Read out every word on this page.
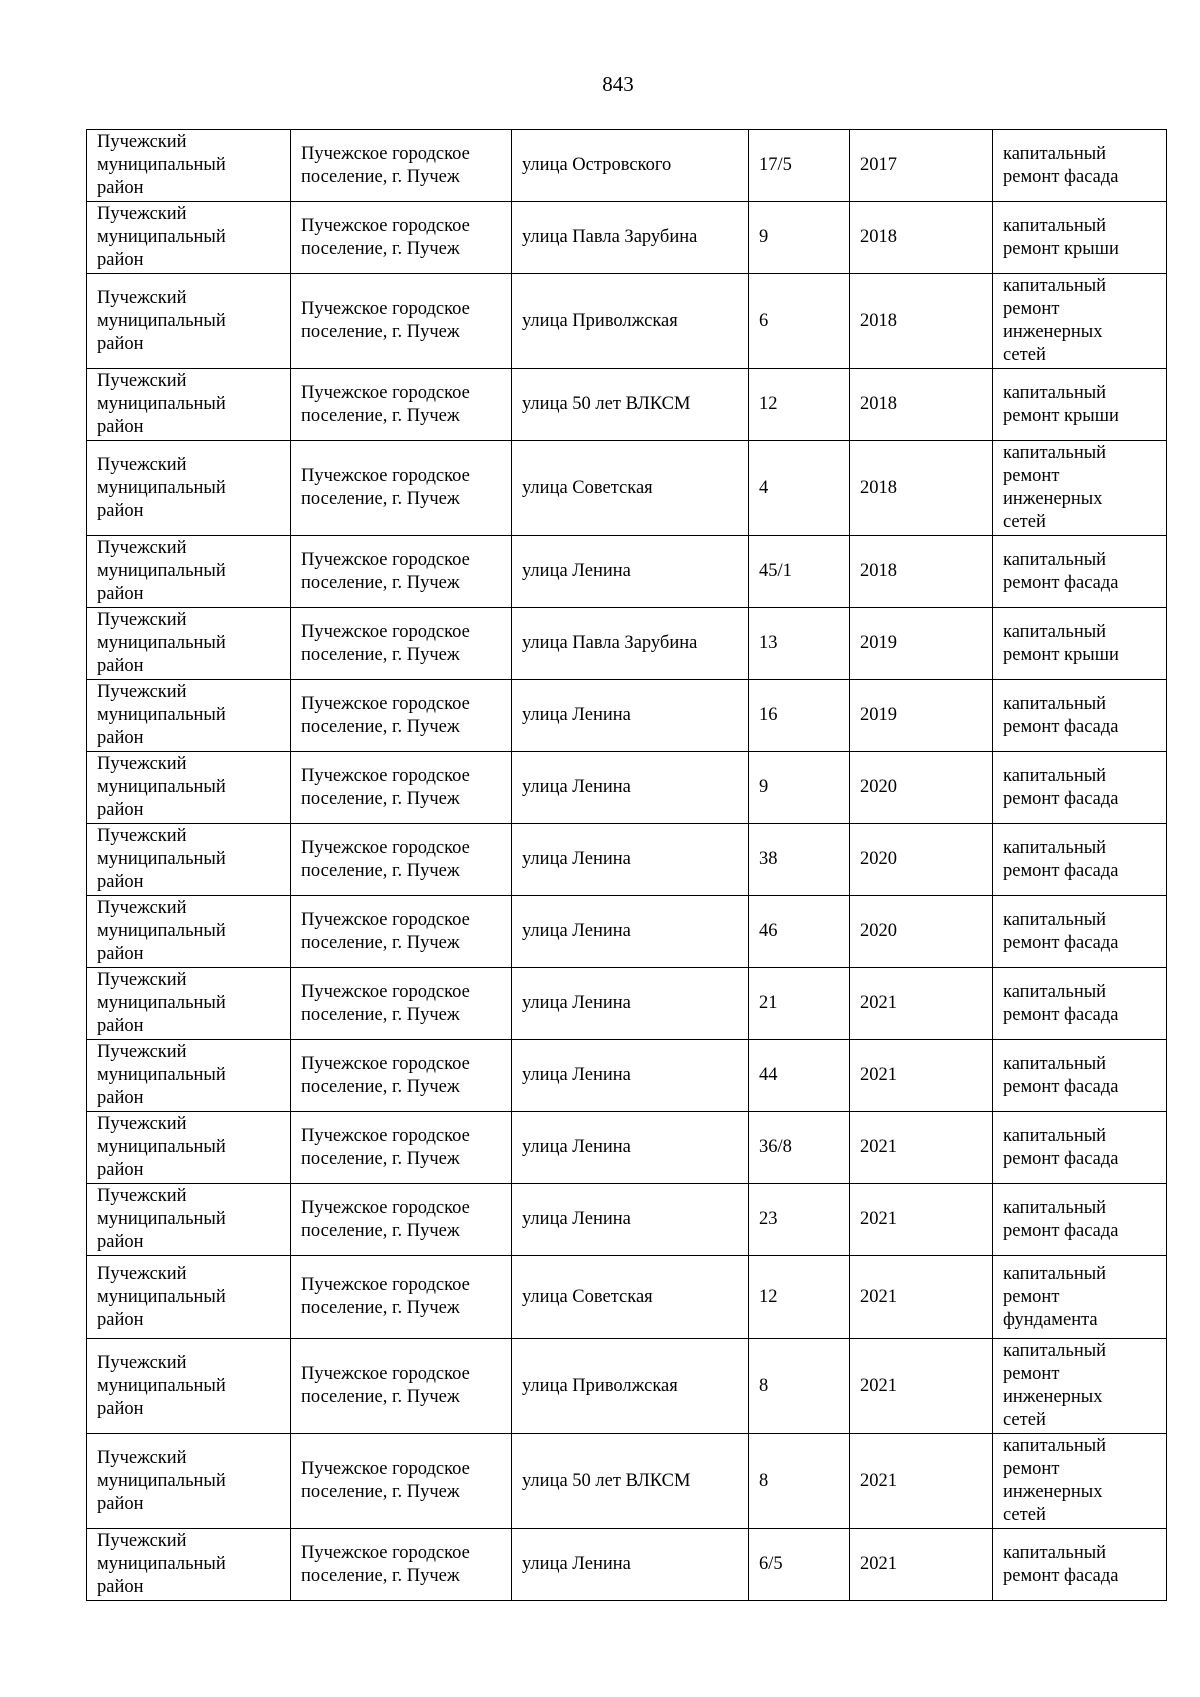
843
Пучежский
муниципальный
район	Пучежское городское
поселение, г. Пучеж	улица Островского	17/5	2017	капитальный
ремонт фасада

Пучежский
муниципальный
район	Пучежское городское
поселение, г. Пучеж	улица Павла Зарубина	9	2018	капитальный
ремонт крыши

Пучежский
муниципальный
район	Пучежское городское
поселение, г. Пучеж	улица Приволжская	6	2018	капитальный
ремонт
инженерных
сетей

Пучежский
муниципальный
район	Пучежское городское
поселение, г. Пучеж	улица 50 лет ВЛКСМ	12	2018	капитальный
ремонт крыши

Пучежский
муниципальный
район	Пучежское городское
поселение, г. Пучеж	улица Советская	4	2018	капитальный
ремонт
инженерных
сетей

Пучежский
муниципальный
район	Пучежское городское
поселение, г. Пучеж	улица Ленина	45/1	2018	капитальный
ремонт фасада

Пучежский
муниципальный
район	Пучежское городское
поселение, г. Пучеж	улица Павла Зарубина	13	2019	капитальный
ремонт крыши

Пучежский
муниципальный
район	Пучежское городское
поселение, г. Пучеж	улица Ленина	16	2019	капитальный
ремонт фасада

Пучежский
муниципальный
район	Пучежское городское
поселение, г. Пучеж	улица Ленина	9	2020	капитальный
ремонт фасада

Пучежский
муниципальный
район	Пучежское городское
поселение, г. Пучеж	улица Ленина	38	2020	капитальный
ремонт фасада

Пучежский
муниципальный
район	Пучежское городское
поселение, г. Пучеж	улица Ленина	46	2020	капитальный
ремонт фасада

Пучежский
муниципальный
район	Пучежское городское
поселение, г. Пучеж	улица Ленина	21	2021	капитальный
ремонт фасада

Пучежский
муниципальный
район	Пучежское городское
поселение, г. Пучеж	улица Ленина	44	2021	капитальный
ремонт фасада

Пучежский
муниципальный
район	Пучежское городское
поселение, г. Пучеж	улица Ленина	36/8	2021	капитальный
ремонт фасада

Пучежский
муниципальный
район	Пучежское городское
поселение, г. Пучеж	улица Ленина	23	2021	капитальный
ремонт фасада

Пучежский
муниципальный
район	Пучежское городское
поселение, г. Пучеж	улица Советская	12	2021	капитальный
ремонт
фундамента

Пучежский
муниципальный
район	Пучежское городское
поселение, г. Пучеж	улица Приволжская	8	2021	капитальный
ремонт
инженерных
сетей

Пучежский
муниципальный
район	Пучежское городское
поселение, г. Пучеж	улица 50 лет ВЛКСМ	8	2021	капитальный
ремонт
инженерных
сетей

Пучежский
муниципальный
район	Пучежское городское
поселение, г. Пучеж	улица Ленина	6/5	2021	капитальный
ремонт фасада
